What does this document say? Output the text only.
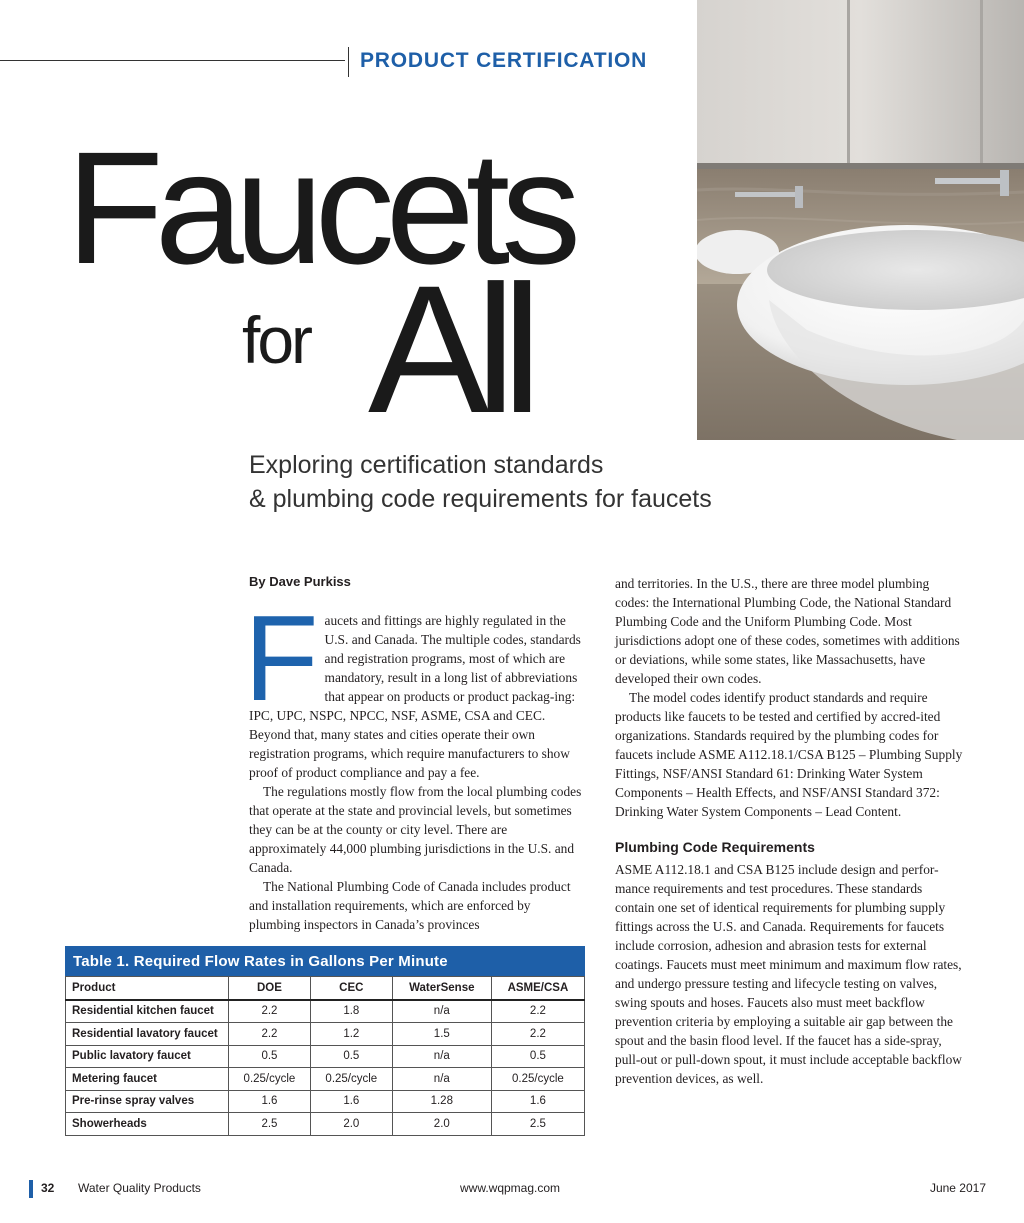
PRODUCT CERTIFICATION
Faucets
for All
Exploring certification standards
& plumbing code requirements for faucets
By Dave Purkiss
F aucets and fittings are highly regulated in the U.S. and Canada. The multiple codes, standards and registration programs, most of which are mandatory, result in a long list of abbreviations that appear on products or product packag-ing: IPC, UPC, NSPC, NPCC, NSF, ASME, CSA and CEC. Beyond that, many states and cities operate their own registration programs, which require manufacturers to show proof of product compliance and pay a fee.

The regulations mostly flow from the local plumbing codes that operate at the state and provincial levels, but sometimes they can be at the county or city level. There are approximately 44,000 plumbing jurisdictions in the U.S. and Canada.

The National Plumbing Code of Canada includes product and installation requirements, which are enforced by plumbing inspectors in Canada’s provinces

and territories. In the U.S., there are three model plumbing codes: the International Plumbing Code, the National Standard Plumbing Code and the Uniform Plumbing Code. Most jurisdictions adopt one of these codes, sometimes with additions or deviations, while some states, like Massachusetts, have developed their own codes.

The model codes identify product standards and require products like faucets to be tested and certified by accred-ited organizations. Standards required by the plumbing codes for faucets include ASME A112.18.1/CSA B125 – Plumbing Supply Fittings, NSF/ANSI Standard 61: Drinking Water System Components – Health Effects, and NSF/ANSI Standard 372: Drinking Water System Components – Lead Content.

Plumbing Code Requirements

ASME A112.18.1 and CSA B125 include design and perfor-mance requirements and test procedures. These standards contain one set of identical requirements for plumbing supply fittings across the U.S. and Canada. Requirements for faucets include corrosion, adhesion and abrasion tests for external coatings. Faucets must meet minimum and maximum flow rates, and undergo pressure testing and lifecycle testing on valves, swing spouts and hoses. Faucets also must meet backflow prevention criteria by employing a suitable air gap between the spout and the basin flood level. If the faucet has a side-spray, pull-out or pull-down spout, it must include acceptable backflow prevention devices, as well.

Table 1. Required Flow Rates in Gallons Per Minute
Product	DOE	CEC	WaterSense	ASME/CSA
Residential kitchen faucet	2.2	1.8	n/a	2.2
Residential lavatory faucet	2.2	1.2	1.5	2.2
Public lavatory faucet	0.5	0.5	n/a	0.5
Metering faucet	0.25/cycle	0.25/cycle	n/a	0.25/cycle
Pre-rinse spray valves	1.6	1.6	1.28	1.6
Showerheads	2.5	2.0	2.0	2.5
32 Water Quality Products	www.wqpmag.com	June 2017
